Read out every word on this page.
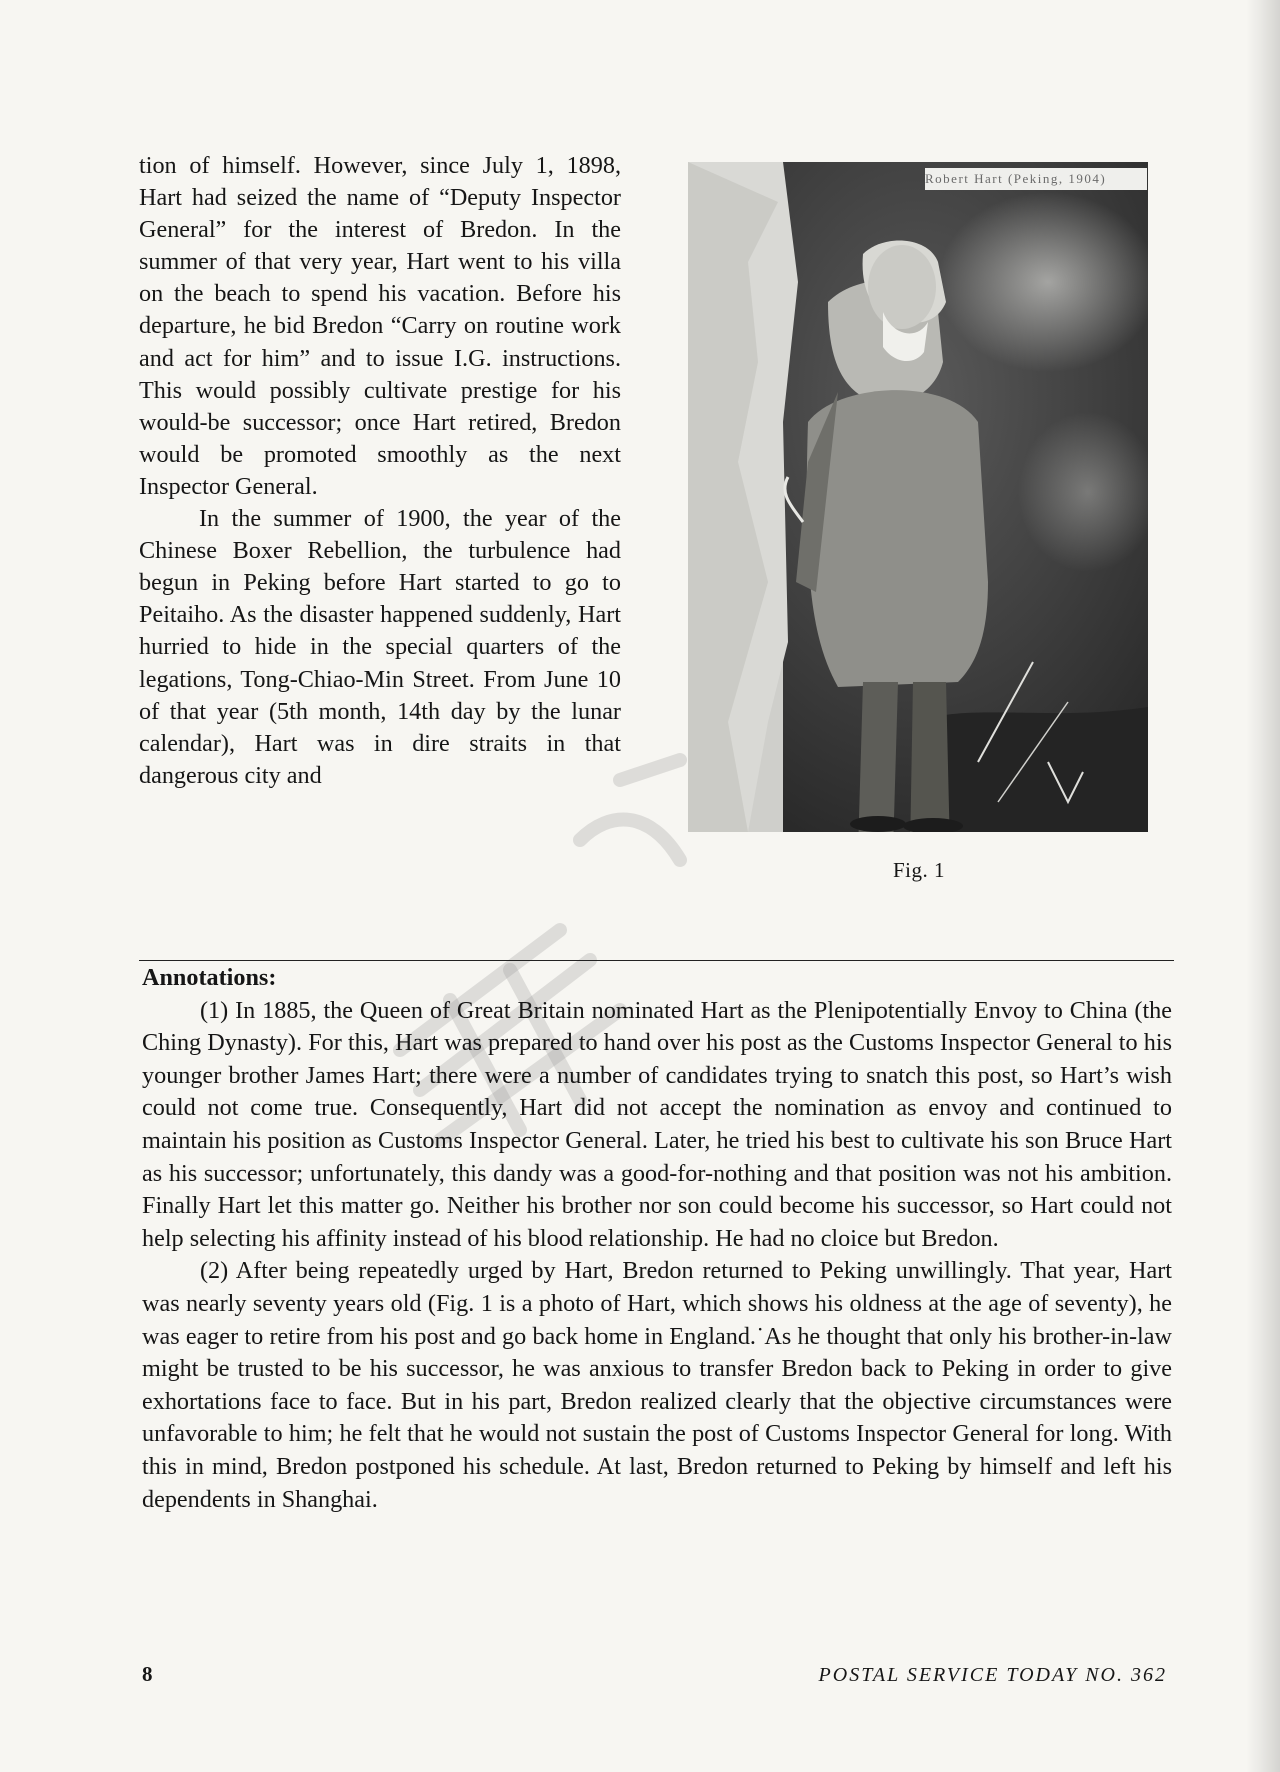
tion of himself. However, since July 1, 1898, Hart had seized the name of “Deputy Inspector General” for the interest of Bredon. In the summer of that very year, Hart went to his villa on the beach to spend his vacation. Before his departure, he bid Bredon “Carry on routine work and act for him” and to issue I.G. instructions. This would possibly cultivate prestige for his would-be successor; once Hart retired, Bredon would be promoted smoothly as the next Inspector General.

In the summer of 1900, the year of the Chinese Boxer Rebellion, the turbulence had begun in Peking before Hart started to go to Peitaiho. As the disaster happened suddenly, Hart hurried to hide in the special quarters of the legations, Tong-Chiao-Min Street. From June 10 of that year (5th month, 14th day by the lunar calendar), Hart was in dire straits in that dangerous city and

Robert Hart (Peking, 1904)
Fig. 1
Annotations:

(1) In 1885, the Queen of Great Britain nominated Hart as the Plenipotentially Envoy to China (the Ching Dynasty). For this, Hart was prepared to hand over his post as the Customs Inspector General to his younger brother James Hart; there were a number of candidates trying to snatch this post, so Hart’s wish could not come true. Consequently, Hart did not accept the nomination as envoy and continued to maintain his position as Customs Inspector General. Later, he tried his best to cultivate his son Bruce Hart as his successor; unfortunately, this dandy was a good-for-nothing and that position was not his ambition. Finally Hart let this matter go. Neither his brother nor son could become his successor, so Hart could not help selecting his affinity instead of his blood relationship. He had no cloice but Bredon.

(2) After being repeatedly urged by Hart, Bredon returned to Peking unwillingly. That year, Hart was nearly seventy years old (Fig. 1 is a photo of Hart, which shows his oldness at the age of seventy), he was eager to retire from his post and go back home in England.˙As he thought that only his brother-in-law might be trusted to be his successor, he was anxious to transfer Bredon back to Peking in order to give exhortations face to face. But in his part, Bredon realized clearly that the objective circumstances were unfavorable to him; he felt that he would not sustain the post of Customs Inspector General for long. With this in mind, Bredon postponed his schedule. At last, Bredon returned to Peking by himself and left his dependents in Shanghai.

8	POSTAL SERVICE TODAY NO. 362
